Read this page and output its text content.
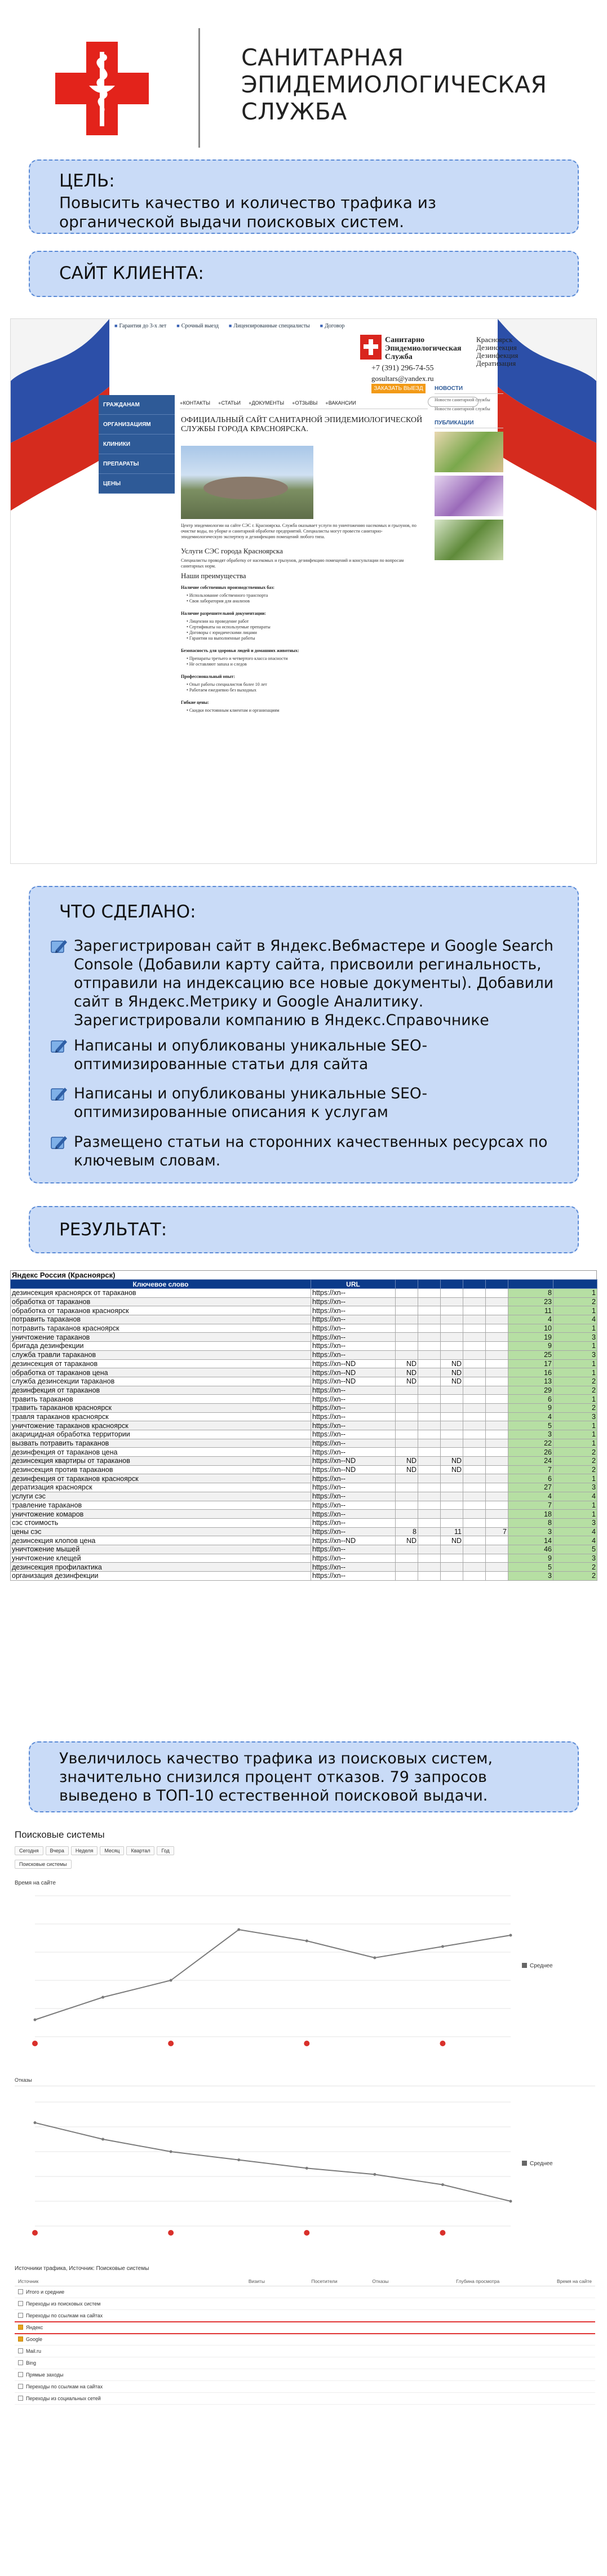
САНИТАРНАЯ ЭПИДЕМИОЛОГИЧЕСКАЯ СЛУЖБА
ЦЕЛЬ:
Повысить качество и количество трафика из органической выдачи поисковых систем.
САЙТ КЛИЕНТА:
■ Гарантия до 3-х лет	■ Срочный выезд	■ Лицензированные специалисты	■ Договор
Санитарно Эпидемиологическая Служба
Красноярск Дезинсекция Дезинфекция Дератизация
+7 (391) 296-74-55
gosultars@yandex.ru
ЗАКАЗАТЬ ВЫЕЗД
ГРАЖДАНАМ
ОРГАНИЗАЦИЯМ
КЛИНИКИ
ПРЕПАРАТЫ
ЦЕНЫ
● КОНТАКТЫ	● СТАТЬИ	● ДОКУМЕНТЫ	● ОТЗЫВЫ	● ВАКАНСИИ
ОФИЦИАЛЬНЫЙ САЙТ САНИТАРНОЙ ЭПИДЕМИОЛОГИЧЕСКОЙ СЛУЖБЫ ГОРОДА КРАСНОЯРСКА.
Центр эпидемиологии на сайте СЭС г. Красноярска. Служба оказывает услуги по уничтожению насекомых и грызунов, по очистке воды, по уборке и санитарной обработке предприятий. Специалисты могут провести санитарно-эпидемиологическую экспертизу и дезинфекцию помещений любого типа.
Услуги СЭС города Красноярска
Специалисты проводят обработку от насекомых и грызунов, дезинфекцию помещений и консультации по вопросам санитарных норм.
Наши преимущества
Наличие собственных производственных баз:
• Использование собственного транспорта
• Своя лаборатория для анализов
Наличие разрешительной документации:
• Лицензии на проведение работ
• Сертификаты на используемые препараты
• Договоры с юридическими лицами
• Гарантии на выполненные работы
Безопасность для здоровья людей и домашних животных:
• Препараты третьего и четвертого класса опасности
• Не оставляют запаха и следов
Профессиональный опыт:
• Опыт работы специалистов более 10 лет
• Работаем ежедневно без выходных
Гибкие цены:
• Скидки постоянным клиентам и организациям
НОВОСТИ
Новости санитарной службы
Новости санитарной службы
ПУБЛИКАЦИИ
ЧТО СДЕЛАНО:
Зарегистрирован сайт в Яндекс.Вебмастере и Google Search Console (Добавили карту сайта, присвоили регинальность, отправили на индексацию все новые документы). Добавили сайт в Яндекс.Метрику и Google Аналитику. Зарегистрировали компанию в Яндекс.Справочнике
Написаны и опубликованы уникальные SEO-оптимизированные статьи для сайта
Написаны и опубликованы уникальные SEO-оптимизированные описания к услугам
Размещено статьи на сторонних качественных ресурсах по ключевым словам.
РЕЗУЛЬТАТ:
Яндекс Россия (Красноярск)
Ключевое слово	URL							
дезинсекция красноярск от тараканов	https://xn--						8	1
обработка от тараканов	https://xn--						23	2
обработка от тараканов красноярск	https://xn--						11	1
потравить тараканов	https://xn--						4	4
потравить тараканов красноярск	https://xn--						10	1
уничтожение тараканов	https://xn--						19	3
бригада дезинфекции	https://xn--						9	1
служба травли тараканов	https://xn--						25	3
дезинсекция от тараканов	https://xn--ND	ND		ND			17	1
обработка от тараканов цена	https://xn--ND	ND		ND			16	1
служба дезинсекции тараканов	https://xn--ND	ND		ND			13	2
дезинфекция от тараканов	https://xn--						29	2
травить тараканов	https://xn--						6	1
травить тараканов красноярск	https://xn--						9	2
травля тараканов красноярск	https://xn--						4	3
уничтожение тараканов красноярск	https://xn--						5	1
акарицидная обработка территории	https://xn--						3	1
вызвать потравить тараканов	https://xn--						22	1
дезинфекция от тараканов цена	https://xn--						26	2
дезинсекция квартиры от тараканов	https://xn--ND	ND		ND			24	2
дезинсекция против тараканов	https://xn--ND	ND		ND			7	2
дезинфекция от тараканов красноярск	https://xn--						6	1
дератизация красноярск	https://xn--						27	3
услуги сэс	https://xn--						4	4
травление тараканов	https://xn--						7	1
уничтожение комаров	https://xn--						18	1
сэс стоимость	https://xn--						8	3
цены сэс	https://xn--	8		11		7	3	4
дезинсекция клопов цена	https://xn--ND	ND		ND			14	4
уничтожение мышей	https://xn--						46	5
уничтожение клещей	https://xn--						9	3
дезинсекция профилактика	https://xn--						5	2
организация дезинфекции	https://xn--						3	2
Увеличилось качество трафика из поисковых систем, значительно снизился процент отказов. 79 запросов выведено в ТОП-10 естественной поисковой выдачи.
Поисковые системы
Сегодня	Вчера	Неделя	Месяц	Квартал	Год
Поисковые системы
Время на сайте
Среднее
Отказы
Среднее
Источники трафика, Источник: Поисковые системы
Источник	Визиты	Посетители	Отказы	Глубина просмотра	Время на сайте
Итого и средние					
Переходы из поисковых систем					
Переходы по ссылкам на сайтах					
Яндекс					
Google					
Mail.ru					
Bing					
Прямые заходы					
Переходы по ссылкам на сайтах					
Переходы из социальных сетей					
